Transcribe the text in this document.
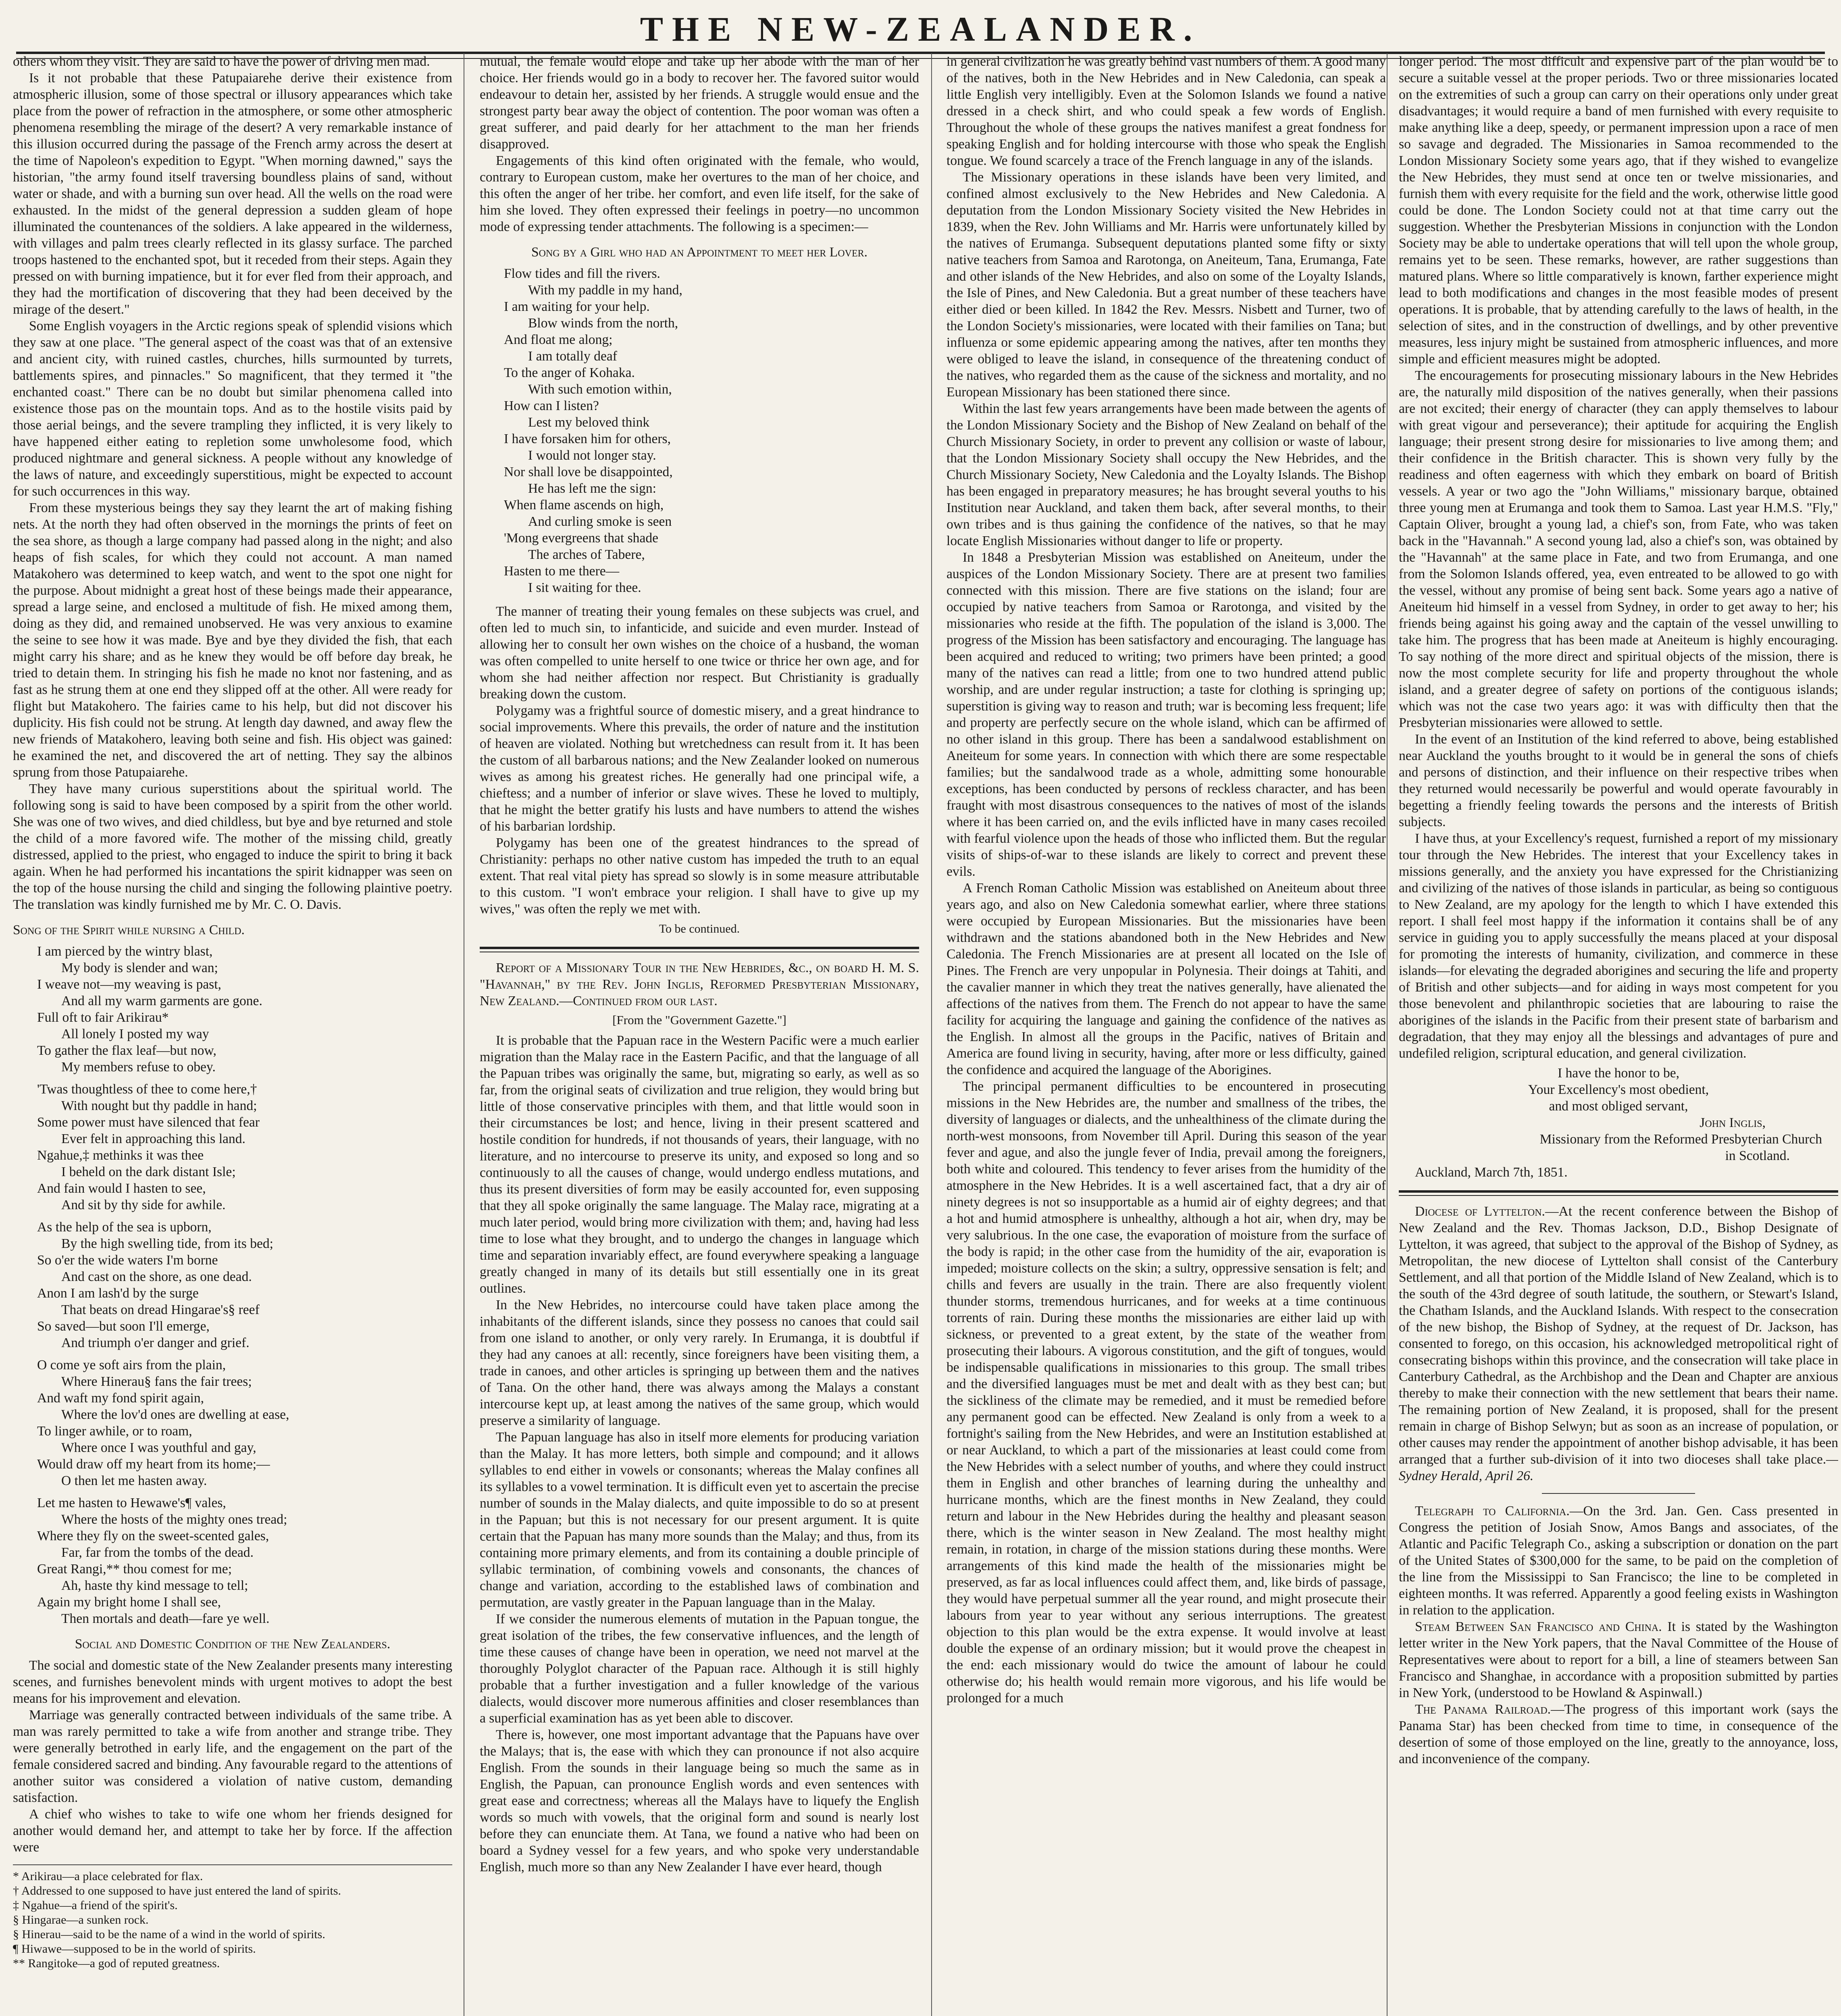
THE NEW-ZEALANDER.

others whom they visit. They are said to have the power of driving men mad.

Is it not probable that these Patupaiarehe derive their existence from atmospheric illusion, some of those spectral or illusory appearances which take place from the power of refraction in the atmosphere, or some other atmospheric phenomena resembling the mirage of the desert? A very remarkable instance of this illusion occurred during the passage of the French army across the desert at the time of Napoleon's expedition to Egypt. "When morning dawned," says the historian, "the army found itself traversing boundless plains of sand, without water or shade, and with a burning sun over head. All the wells on the road were exhausted. In the midst of the general depression a sudden gleam of hope illuminated the countenances of the soldiers. A lake appeared in the wilderness, with villages and palm trees clearly reflected in its glassy surface. The parched troops hastened to the enchanted spot, but it receded from their steps. Again they pressed on with burning impatience, but it for ever fled from their approach, and they had the mortification of discovering that they had been deceived by the mirage of the desert."

Some English voyagers in the Arctic regions speak of splendid visions which they saw at one place. "The general aspect of the coast was that of an extensive and ancient city, with ruined castles, churches, hills surmounted by turrets, battlements spires, and pinnacles." So magnificent, that they termed it "the enchanted coast." There can be no doubt but similar phenomena called into existence those pas on the mountain tops. And as to the hostile visits paid by those aerial beings, and the severe trampling they inflicted, it is very likely to have happened either eating to repletion some unwholesome food, which produced nightmare and general sickness. A people without any knowledge of the laws of nature, and exceedingly superstitious, might be expected to account for such occurrences in this way.

From these mysterious beings they say they learnt the art of making fishing nets. At the north they had often observed in the mornings the prints of feet on the sea shore, as though a large company had passed along in the night; and also heaps of fish scales, for which they could not account. A man named Matakohero was determined to keep watch, and went to the spot one night for the purpose. About midnight a great host of these beings made their appearance, spread a large seine, and enclosed a multitude of fish. He mixed among them, doing as they did, and remained unobserved. He was very anxious to examine the seine to see how it was made. Bye and bye they divided the fish, that each might carry his share; and as he knew they would be off before day break, he tried to detain them. In stringing his fish he made no knot nor fastening, and as fast as he strung them at one end they slipped off at the other. All were ready for flight but Matakohero. The fairies came to his help, but did not discover his duplicity. His fish could not be strung. At length day dawned, and away flew the new friends of Matakohero, leaving both seine and fish. His object was gained: he examined the net, and discovered the art of netting. They say the albinos sprung from those Patupaiarehe.

They have many curious superstitions about the spiritual world. The following song is said to have been composed by a spirit from the other world. She was one of two wives, and died childless, but bye and bye returned and stole the child of a more favored wife. The mother of the missing child, greatly distressed, applied to the priest, who engaged to induce the spirit to bring it back again. When he had performed his incantations the spirit kidnapper was seen on the top of the house nursing the child and singing the following plaintive poetry. The translation was kindly furnished me by Mr. C. O. Davis.

Song of the Spirit while nursing a Child.
I am pierced by the wintry blast,
My body is slender and wan;
I weave not—my weaving is past,
And all my warm garments are gone.
Full oft to fair Arikirau*
All lonely I posted my way
To gather the flax leaf—but now,
My members refuse to obey.
'Twas thoughtless of thee to come here,†
With nought but thy paddle in hand;
Some power must have silenced that fear
Ever felt in approaching this land.
Ngahue,‡ methinks it was thee
I beheld on the dark distant Isle;
And fain would I hasten to see,
And sit by thy side for awhile.
As the help of the sea is upborn,
By the high swelling tide, from its bed;
So o'er the wide waters I'm borne
And cast on the shore, as one dead.
Anon I am lash'd by the surge
That beats on dread Hingarae's§ reef
So saved—but soon I'll emerge,
And triumph o'er danger and grief.
O come ye soft airs from the plain,
Where Hinerau§ fans the fair trees;
And waft my fond spirit again,
Where the lov'd ones are dwelling at ease,
To linger awhile, or to roam,
Where once I was youthful and gay,
Would draw off my heart from its home;—
O then let me hasten away.
Let me hasten to Hewawe's¶ vales,
Where the hosts of the mighty ones tread;
Where they fly on the sweet-scented gales,
Far, far from the tombs of the dead.
Great Rangi,** thou comest for me;
Ah, haste thy kind message to tell;
Again my bright home I shall see,
Then mortals and death—fare ye well.
Social and Domestic Condition of the New Zealanders.

The social and domestic state of the New Zealander presents many interesting scenes, and furnishes benevolent minds with urgent motives to adopt the best means for his improvement and elevation.

Marriage was generally contracted between individuals of the same tribe. A man was rarely permitted to take a wife from another and strange tribe. They were generally betrothed in early life, and the engagement on the part of the female considered sacred and binding. Any favourable regard to the attentions of another suitor was considered a violation of native custom, demanding satisfaction.

A chief who wishes to take to wife one whom her friends designed for another would demand her, and attempt to take her by force. If the affection were

* Arikirau—a place celebrated for flax.
† Addressed to one supposed to have just entered the land of spirits.
‡ Ngahue—a friend of the spirit's.
§ Hingarae—a sunken rock.
§ Hinerau—said to be the name of a wind in the world of spirits.
¶ Hiwawe—supposed to be in the world of spirits.
** Rangitoke—a god of reputed greatness.

mutual, the female would elope and take up her abode with the man of her choice. Her friends would go in a body to recover her. The favored suitor would endeavour to detain her, assisted by her friends. A struggle would ensue and the strongest party bear away the object of contention. The poor woman was often a great sufferer, and paid dearly for her attachment to the man her friends disapproved.

Engagements of this kind often originated with the female, who would, contrary to European custom, make her overtures to the man of her choice, and this often the anger of her tribe. her comfort, and even life itself, for the sake of him she loved. They often expressed their feelings in poetry—no uncommon mode of expressing tender attachments. The following is a specimen:—

Song by a Girl who had an Appointment to meet her Lover.
Flow tides and fill the rivers.
With my paddle in my hand,
I am waiting for your help.
Blow winds from the north,
And float me along;
I am totally deaf
To the anger of Kohaka.
With such emotion within,
How can I listen?
Lest my beloved think
I have forsaken him for others,
I would not longer stay.
Nor shall love be disappointed,
He has left me the sign:
When flame ascends on high,
And curling smoke is seen
'Mong evergreens that shade
The arches of Tabere,
Hasten to me there—
I sit waiting for thee.

The manner of treating their young females on these subjects was cruel, and often led to much sin, to infanticide, and suicide and even murder. Instead of allowing her to consult her own wishes on the choice of a husband, the woman was often compelled to unite herself to one twice or thrice her own age, and for whom she had neither affection nor respect. But Christianity is gradually breaking down the custom.

Polygamy was a frightful source of domestic misery, and a great hindrance to social improvements. Where this prevails, the order of nature and the institution of heaven are violated. Nothing but wretchedness can result from it. It has been the custom of all barbarous nations; and the New Zealander looked on numerous wives as among his greatest riches. He generally had one principal wife, a chieftess; and a number of inferior or slave wives. These he loved to multiply, that he might the better gratify his lusts and have numbers to attend the wishes of his barbarian lordship.

Polygamy has been one of the greatest hindrances to the spread of Christianity: perhaps no other native custom has impeded the truth to an equal extent. That real vital piety has spread so slowly is in some measure attributable to this custom. "I won't embrace your religion. I shall have to give up my wives," was often the reply we met with.

To be continued.

Report of a Missionary Tour in the New Hebrides, &c., on board H. M. S. "Havannah," by the Rev. John Inglis, Reformed Presbyterian Missionary, New Zealand.—Continued from our last.

[From the "Government Gazette."]

It is probable that the Papuan race in the Western Pacific were a much earlier migration than the Malay race in the Eastern Pacific, and that the language of all the Papuan tribes was originally the same, but, migrating so early, as well as so far, from the original seats of civilization and true religion, they would bring but little of those conservative principles with them, and that little would soon in their circumstances be lost; and hence, living in their present scattered and hostile condition for hundreds, if not thousands of years, their language, with no literature, and no intercourse to preserve its unity, and exposed so long and so continuously to all the causes of change, would undergo endless mutations, and thus its present diversities of form may be easily accounted for, even supposing that they all spoke originally the same language. The Malay race, migrating at a much later period, would bring more civilization with them; and, having had less time to lose what they brought, and to undergo the changes in language which time and separation invariably effect, are found everywhere speaking a language greatly changed in many of its details but still essentially one in its great outlines.

In the New Hebrides, no intercourse could have taken place among the inhabitants of the different islands, since they possess no canoes that could sail from one island to another, or only very rarely. In Erumanga, it is doubtful if they had any canoes at all: recently, since foreigners have been visiting them, a trade in canoes, and other articles is springing up between them and the natives of Tana. On the other hand, there was always among the Malays a constant intercourse kept up, at least among the natives of the same group, which would preserve a similarity of language.

The Papuan language has also in itself more elements for producing variation than the Malay. It has more letters, both simple and compound; and it allows syllables to end either in vowels or consonants; whereas the Malay confines all its syllables to a vowel termination. It is difficult even yet to ascertain the precise number of sounds in the Malay dialects, and quite impossible to do so at present in the Papuan; but this is not necessary for our present argument. It is quite certain that the Papuan has many more sounds than the Malay; and thus, from its containing more primary elements, and from its containing a double principle of syllabic termination, of combining vowels and consonants, the chances of change and variation, according to the established laws of combination and permutation, are vastly greater in the Papuan language than in the Malay.

If we consider the numerous elements of mutation in the Papuan tongue, the great isolation of the tribes, the few conservative influences, and the length of time these causes of change have been in operation, we need not marvel at the thoroughly Polyglot character of the Papuan race. Although it is still highly probable that a further investigation and a fuller knowledge of the various dialects, would discover more numerous affinities and closer resemblances than a superficial examination has as yet been able to discover.

There is, however, one most important advantage that the Papuans have over the Malays; that is, the ease with which they can pronounce if not also acquire English. From the sounds in their language being so much the same as in English, the Papuan, can pronounce English words and even sentences with great ease and correctness; whereas all the Malays have to liquefy the English words so much with vowels, that the original form and sound is nearly lost before they can enunciate them. At Tana, we found a native who had been on board a Sydney vessel for a few years, and who spoke very understandable English, much more so than any New Zealander I have ever heard, though

in general civilization he was greatly behind vast numbers of them. A good many of the natives, both in the New Hebrides and in New Caledonia, can speak a little English very intelligibly. Even at the Solomon Islands we found a native dressed in a check shirt, and who could speak a few words of English. Throughout the whole of these groups the natives manifest a great fondness for speaking English and for holding intercourse with those who speak the English tongue. We found scarcely a trace of the French language in any of the islands.

The Missionary operations in these islands have been very limited, and confined almost exclusively to the New Hebrides and New Caledonia. A deputation from the London Missionary Society visited the New Hebrides in 1839, when the Rev. John Williams and Mr. Harris were unfortunately killed by the natives of Erumanga. Subsequent deputations planted some fifty or sixty native teachers from Samoa and Rarotonga, on Aneiteum, Tana, Erumanga, Fate and other islands of the New Hebrides, and also on some of the Loyalty Islands, the Isle of Pines, and New Caledonia. But a great number of these teachers have either died or been killed. In 1842 the Rev. Messrs. Nisbett and Turner, two of the London Society's missionaries, were located with their families on Tana; but influenza or some epidemic appearing among the natives, after ten months they were obliged to leave the island, in consequence of the threatening conduct of the natives, who regarded them as the cause of the sickness and mortality, and no European Missionary has been stationed there since.

Within the last few years arrangements have been made between the agents of the London Missionary Society and the Bishop of New Zealand on behalf of the Church Missionary Society, in order to prevent any collision or waste of labour, that the London Missionary Society shall occupy the New Hebrides, and the Church Missionary Society, New Caledonia and the Loyalty Islands. The Bishop has been engaged in preparatory measures; he has brought several youths to his Institution near Auckland, and taken them back, after several months, to their own tribes and is thus gaining the confidence of the natives, so that he may locate English Missionaries without danger to life or property.

In 1848 a Presbyterian Mission was established on Aneiteum, under the auspices of the London Missionary Society. There are at present two families connected with this mission. There are five stations on the island; four are occupied by native teachers from Samoa or Rarotonga, and visited by the missionaries who reside at the fifth. The population of the island is 3,000. The progress of the Mission has been satisfactory and encouraging. The language has been acquired and reduced to writing; two primers have been printed; a good many of the natives can read a little; from one to two hundred attend public worship, and are under regular instruction; a taste for clothing is springing up; superstition is giving way to reason and truth; war is becoming less frequent; life and property are perfectly secure on the whole island, which can be affirmed of no other island in this group. There has been a sandalwood establishment on Aneiteum for some years. In connection with which there are some respectable families; but the sandalwood trade as a whole, admitting some honourable exceptions, has been conducted by persons of reckless character, and has been fraught with most disastrous consequences to the natives of most of the islands where it has been carried on, and the evils inflicted have in many cases recoiled with fearful violence upon the heads of those who inflicted them. But the regular visits of ships-of-war to these islands are likely to correct and prevent these evils.

A French Roman Catholic Mission was established on Aneiteum about three years ago, and also on New Caledonia somewhat earlier, where three stations were occupied by European Missionaries. But the missionaries have been withdrawn and the stations abandoned both in the New Hebrides and New Caledonia. The French Missionaries are at present all located on the Isle of Pines. The French are very unpopular in Polynesia. Their doings at Tahiti, and the cavalier manner in which they treat the natives generally, have alienated the affections of the natives from them. The French do not appear to have the same facility for acquiring the language and gaining the confidence of the natives as the English. In almost all the groups in the Pacific, natives of Britain and America are found living in security, having, after more or less difficulty, gained the confidence and acquired the language of the Aborigines.

The principal permanent difficulties to be encountered in prosecuting missions in the New Hebrides are, the number and smallness of the tribes, the diversity of languages or dialects, and the unhealthiness of the climate during the north-west monsoons, from November till April. During this season of the year fever and ague, and also the jungle fever of India, prevail among the foreigners, both white and coloured. This tendency to fever arises from the humidity of the atmosphere in the New Hebrides. It is a well ascertained fact, that a dry air of ninety degrees is not so insupportable as a humid air of eighty degrees; and that a hot and humid atmosphere is unhealthy, although a hot air, when dry, may be very salubrious. In the one case, the evaporation of moisture from the surface of the body is rapid; in the other case from the humidity of the air, evaporation is impeded; moisture collects on the skin; a sultry, oppressive sensation is felt; and chills and fevers are usually in the train. There are also frequently violent thunder storms, tremendous hurricanes, and for weeks at a time continuous torrents of rain. During these months the missionaries are either laid up with sickness, or prevented to a great extent, by the state of the weather from prosecuting their labours. A vigorous constitution, and the gift of tongues, would be indispensable qualifications in missionaries to this group. The small tribes and the diversified languages must be met and dealt with as they best can; but the sickliness of the climate may be remedied, and it must be remedied before any permanent good can be effected. New Zealand is only from a week to a fortnight's sailing from the New Hebrides, and were an Institution established at or near Auckland, to which a part of the missionaries at least could come from the New Hebrides with a select number of youths, and where they could instruct them in English and other branches of learning during the unhealthy and hurricane months, which are the finest months in New Zealand, they could return and labour in the New Hebrides during the healthy and pleasant season there, which is the winter season in New Zealand. The most healthy might remain, in rotation, in charge of the mission stations during these months. Were arrangements of this kind made the health of the missionaries might be preserved, as far as local influences could affect them, and, like birds of passage, they would have perpetual summer all the year round, and might prosecute their labours from year to year without any serious interruptions. The greatest objection to this plan would be the extra expense. It would involve at least double the expense of an ordinary mission; but it would prove the cheapest in the end: each missionary would do twice the amount of labour he could otherwise do; his health would remain more vigorous, and his life would be prolonged for a much

longer period. The most difficult and expensive part of the plan would be to secure a suitable vessel at the proper periods. Two or three missionaries located on the extremities of such a group can carry on their operations only under great disadvantages; it would require a band of men furnished with every requisite to make anything like a deep, speedy, or permanent impression upon a race of men so savage and degraded. The Missionaries in Samoa recommended to the London Missionary Society some years ago, that if they wished to evangelize the New Hebrides, they must send at once ten or twelve missionaries, and furnish them with every requisite for the field and the work, otherwise little good could be done. The London Society could not at that time carry out the suggestion. Whether the Presbyterian Missions in conjunction with the London Society may be able to undertake operations that will tell upon the whole group, remains yet to be seen. These remarks, however, are rather suggestions than matured plans. Where so little comparatively is known, farther experience might lead to both modifications and changes in the most feasible modes of present operations. It is probable, that by attending carefully to the laws of health, in the selection of sites, and in the construction of dwellings, and by other preventive measures, less injury might be sustained from atmospheric influences, and more simple and efficient measures might be adopted.

The encouragements for prosecuting missionary labours in the New Hebrides are, the naturally mild disposition of the natives generally, when their passions are not excited; their energy of character (they can apply themselves to labour with great vigour and perseverance); their aptitude for acquiring the English language; their present strong desire for missionaries to live among them; and their confidence in the British character. This is shown very fully by the readiness and often eagerness with which they embark on board of British vessels. A year or two ago the "John Williams," missionary barque, obtained three young men at Erumanga and took them to Samoa. Last year H.M.S. "Fly," Captain Oliver, brought a young lad, a chief's son, from Fate, who was taken back in the "Havannah." A second young lad, also a chief's son, was obtained by the "Havannah" at the same place in Fate, and two from Erumanga, and one from the Solomon Islands offered, yea, even entreated to be allowed to go with the vessel, without any promise of being sent back. Some years ago a native of Aneiteum hid himself in a vessel from Sydney, in order to get away to her; his friends being against his going away and the captain of the vessel unwilling to take him. The progress that has been made at Aneiteum is highly encouraging. To say nothing of the more direct and spiritual objects of the mission, there is now the most complete security for life and property throughout the whole island, and a greater degree of safety on portions of the contiguous islands; which was not the case two years ago: it was with difficulty then that the Presbyterian missionaries were allowed to settle.

In the event of an Institution of the kind referred to above, being established near Auckland the youths brought to it would be in general the sons of chiefs and persons of distinction, and their influence on their respective tribes when they returned would necessarily be powerful and would operate favourably in begetting a friendly feeling towards the persons and the interests of British subjects.

I have thus, at your Excellency's request, furnished a report of my missionary tour through the New Hebrides. The interest that your Excellency takes in missions generally, and the anxiety you have expressed for the Christianizing and civilizing of the natives of those islands in particular, as being so contiguous to New Zealand, are my apology for the length to which I have extended this report. I shall feel most happy if the information it contains shall be of any service in guiding you to apply successfully the means placed at your disposal for promoting the interests of humanity, civilization, and commerce in these islands—for elevating the degraded aborigines and securing the life and property of British and other subjects—and for aiding in ways most competent for you those benevolent and philanthropic societies that are labouring to raise the aborigines of the islands in the Pacific from their present state of barbarism and degradation, that they may enjoy all the blessings and advantages of pure and undefiled religion, scriptural education, and general civilization.

I have the honor to be,
Your Excellency's most obedient,
and most obliged servant,
John Inglis,
Missionary from the Reformed Presbyterian Church
in Scotland.

Auckland, March 7th, 1851.

Diocese of Lyttelton.—At the recent conference between the Bishop of New Zealand and the Rev. Thomas Jackson, D.D., Bishop Designate of Lyttelton, it was agreed, that subject to the approval of the Bishop of Sydney, as Metropolitan, the new diocese of Lyttelton shall consist of the Canterbury Settlement, and all that portion of the Middle Island of New Zealand, which is to the south of the 43rd degree of south latitude, the southern, or Stewart's Island, the Chatham Islands, and the Auckland Islands. With respect to the consecration of the new bishop, the Bishop of Sydney, at the request of Dr. Jackson, has consented to forego, on this occasion, his acknowledged metropolitical right of consecrating bishops within this province, and the consecration will take place in Canterbury Cathedral, as the Archbishop and the Dean and Chapter are anxious thereby to make their connection with the new settlement that bears their name. The remaining portion of New Zealand, it is proposed, shall for the present remain in charge of Bishop Selwyn; but as soon as an increase of population, or other causes may render the appointment of another bishop advisable, it has been arranged that a further sub-division of it into two dioceses shall take place.—Sydney Herald, April 26.

Telegraph to California.—On the 3rd. Jan. Gen. Cass presented in Congress the petition of Josiah Snow, Amos Bangs and associates, of the Atlantic and Pacific Telegraph Co., asking a subscription or donation on the part of the United States of $300,000 for the same, to be paid on the completion of the line from the Mississippi to San Francisco; the line to be completed in eighteen months. It was referred. Apparently a good feeling exists in Washington in relation to the application.

Steam Between San Francisco and China. It is stated by the Washington letter writer in the New York papers, that the Naval Committee of the House of Representatives were about to report for a bill, a line of steamers between San Francisco and Shanghae, in accordance with a proposition submitted by parties in New York, (understood to be Howland & Aspinwall.)

The Panama Railroad.—The progress of this important work (says the Panama Star) has been checked from time to time, in consequence of the desertion of some of those employed on the line, greatly to the annoyance, loss, and inconvenience of the company.
